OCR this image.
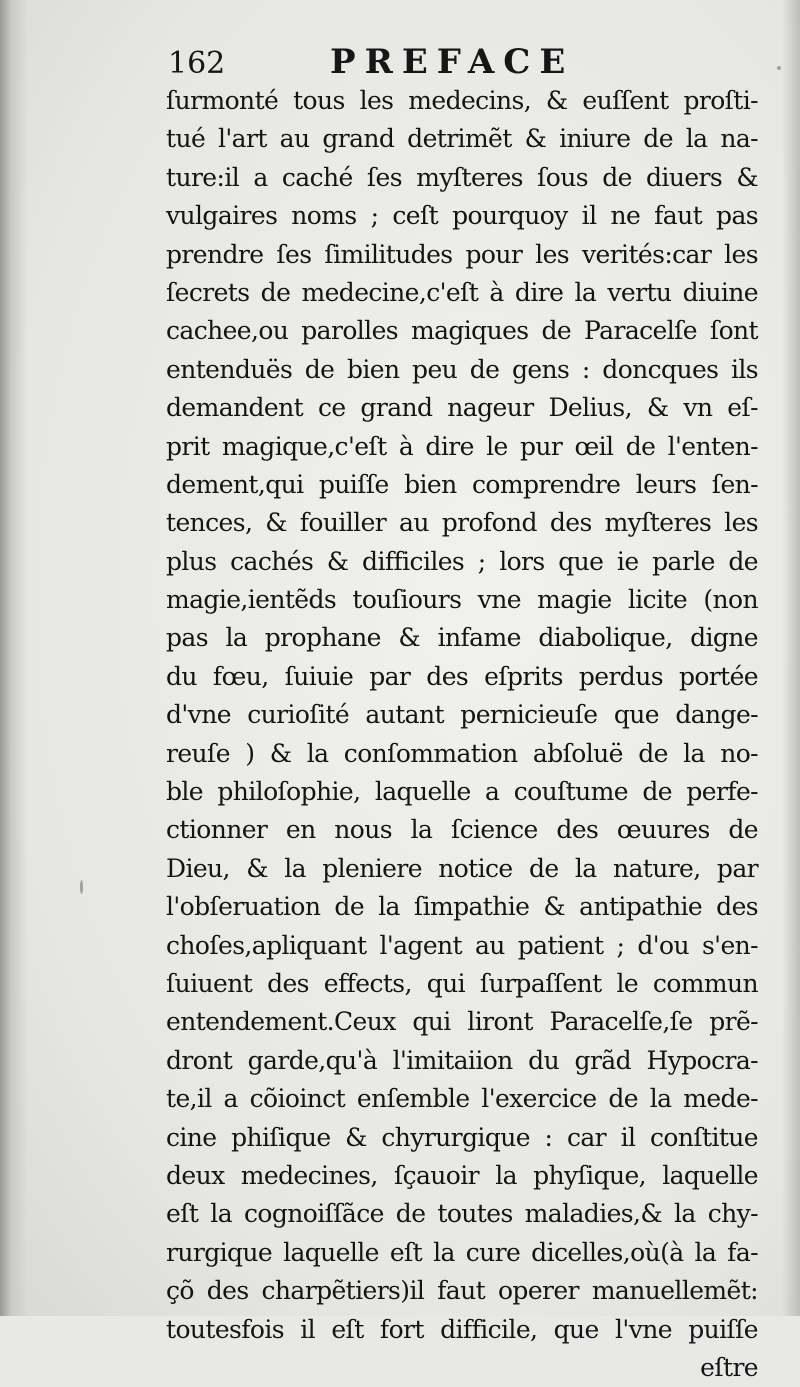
162	PREFACE
ſurmonté tous les medecins, & euſſent proſti-
tué l'art au grand detrimẽt & iniure de la na-
ture:il a caché ſes myſteres ſous de diuers &
vulgaires noms ; ceſt pourquoy il ne faut pas
prendre ſes ſimilitudes pour les verités:car les
ſecrets de medecine,c'eſt à dire la vertu diuine
cachee,ou parolles magiques de Paracelſe ſont
entenduës de bien peu de gens : doncques ils
demandent ce grand nageur Delius, & vn eſ-
prit magique,c'eſt à dire le pur œil de l'enten-
dement,qui puiſſe bien comprendre leurs ſen-
tences, & fouiller au profond des myſteres les
plus cachés & difficiles ; lors que ie parle de
magie,ientẽds touſiours vne magie licite (non
pas la prophane & infame diabolique, digne
du fœu, ſuiuie par des eſprits perdus portée
d'vne curioſité autant pernicieuſe que dange-
reuſe ) & la conſommation abſoluë de la no-
ble philoſophie, laquelle a couſtume de perfe-
ctionner en nous la ſcience des œuures de
Dieu, & la pleniere notice de la nature, par
l'obſeruation de la ſimpathie & antipathie des
choſes,apliquant l'agent au patient ; d'ou s'en-
ſuiuent des effects, qui ſurpaſſent le commun
entendement.Ceux qui liront Paracelſe,ſe prẽ-
dront garde,qu'à l'imitaiion du grãd Hypocra-
te,il a cõioinct enſemble l'exercice de la mede-
cine phiſique & chyrurgique : car il conſtitue
deux medecines, ſçauoir la phyſique, laquelle
eſt la cognoiſſãce de toutes maladies,& la chy-
rurgique laquelle eſt la cure dicelles,où(à la fa-
çõ des charpẽtiers)il faut operer manuellemẽt:
toutesfois il eſt fort difficile, que l'vne puiſſe
eſtre
